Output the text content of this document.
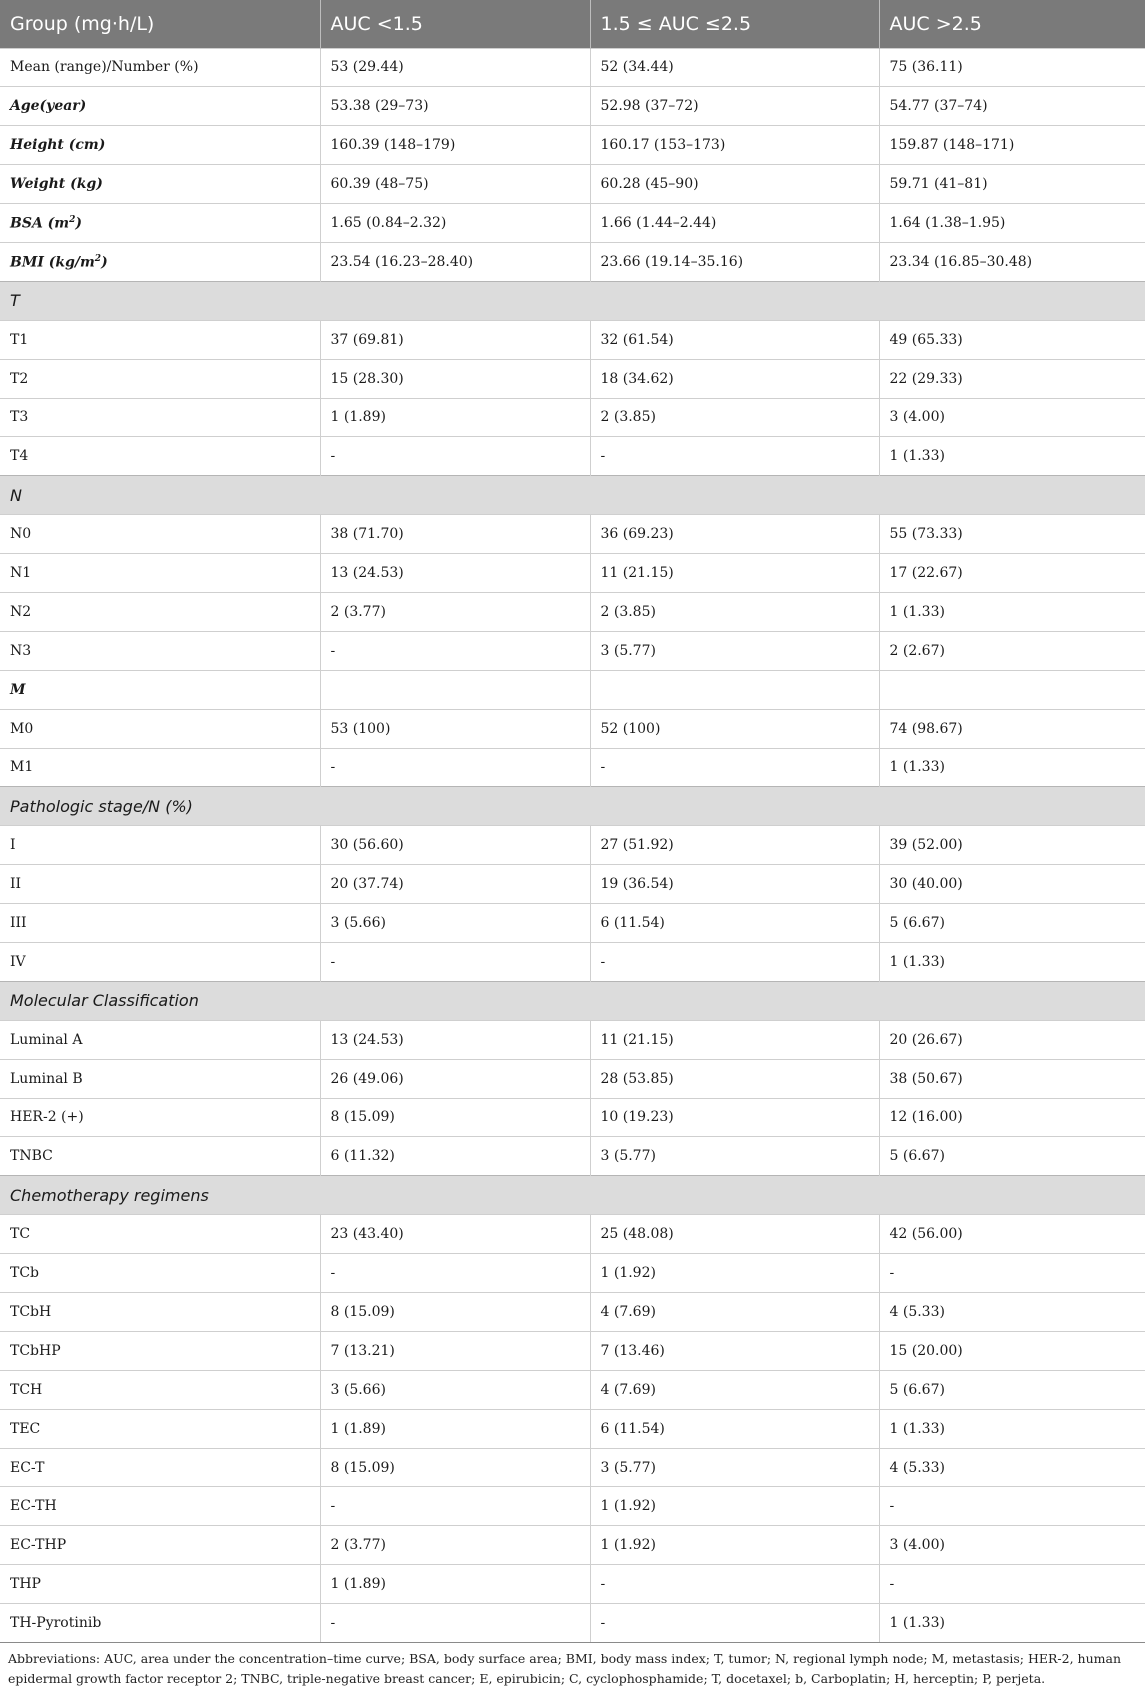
Group (mg·h/L)	AUC <1.5	1.5 ≤ AUC ≤2.5	AUC >2.5
Mean (range)/Number (%)	53 (29.44)	52 (34.44)	75 (36.11)
Age(year)	53.38 (29–73)	52.98 (37–72)	54.77 (37–74)
Height (cm)	160.39 (148–179)	160.17 (153–173)	159.87 (148–171)
Weight (kg)	60.39 (48–75)	60.28 (45–90)	59.71 (41–81)
BSA $(m^2)$	1.65 (0.84–2.32)	1.66 (1.44–2.44)	1.64 (1.38–1.95)
BMI $(kg/m^2)$	23.54 (16.23–28.40)	23.66 (19.14–35.16)	23.34 (16.85–30.48)
T			
T1	37 (69.81)	32 (61.54)	49 (65.33)
T2	15 (28.30)	18 (34.62)	22 (29.33)
T3	1 (1.89)	2 (3.85)	3 (4.00)
T4	-	-	1 (1.33)
N			
N0	38 (71.70)	36 (69.23)	55 (73.33)
N1	13 (24.53)	11 (21.15)	17 (22.67)
N2	2 (3.77)	2 (3.85)	1 (1.33)
N3	-	3 (5.77)	2 (2.67)
M			
M0	53 (100)	52 (100)	74 (98.67)
M1	-	-	1 (1.33)
Pathologic stage/N (%)			
I	30 (56.60)	27 (51.92)	39 (52.00)
II	20 (37.74)	19 (36.54)	30 (40.00)
III	3 (5.66)	6 (11.54)	5 (6.67)
IV	-	-	1 (1.33)
Molecular Classification			
Luminal A	13 (24.53)	11 (21.15)	20 (26.67)
Luminal B	26 (49.06)	28 (53.85)	38 (50.67)
HER-2 (+)	8 (15.09)	10 (19.23)	12 (16.00)
TNBC	6 (11.32)	3 (5.77)	5 (6.67)
Chemotherapy regimens			
TC	23 (43.40)	25 (48.08)	42 (56.00)
TCb	-	1 (1.92)	-
TCbH	8 (15.09)	4 (7.69)	4 (5.33)
TCbHP	7 (13.21)	7 (13.46)	15 (20.00)
TCH	3 (5.66)	4 (7.69)	5 (6.67)
TEC	1 (1.89)	6 (11.54)	1 (1.33)
EC-T	8 (15.09)	3 (5.77)	4 (5.33)
EC-TH	-	1 (1.92)	-
EC-THP	2 (3.77)	1 (1.92)	3 (4.00)
THP	1 (1.89)	-	-
TH-Pyrotinib	-	-	1 (1.33)

Abbreviations: AUC, area under the concentration–time curve; BSA, body surface area; BMI, body mass index; T, tumor; N, regional lymph node; M, metastasis; HER-2, human epidermal growth factor receptor 2; TNBC, triple-negative breast cancer; E, epirubicin; C, cyclophosphamide; T, docetaxel; b, Carboplatin; H, herceptin; P, perjeta.
